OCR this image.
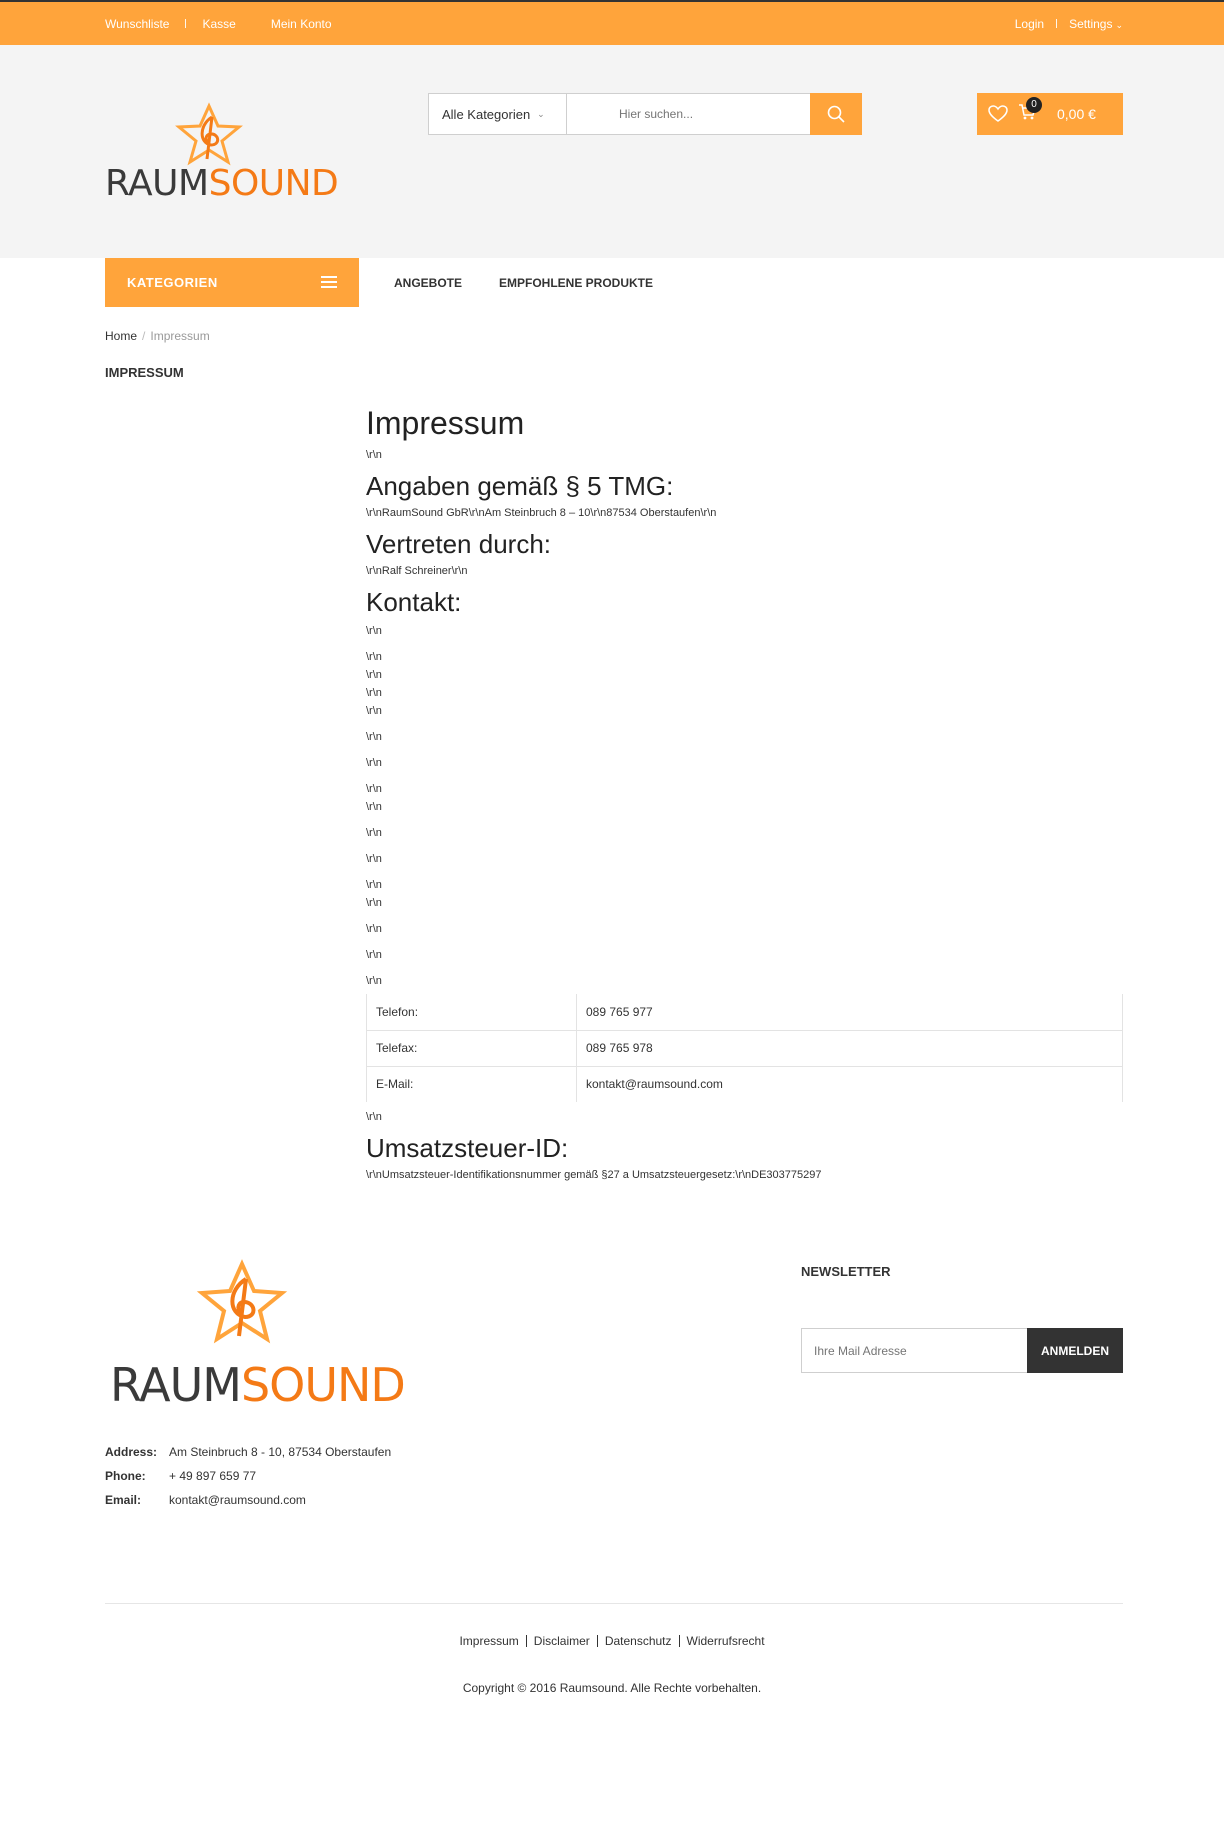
Wunschliste	Kasse	Mein Konto	Login Settings ⌄
RAUMSOUND
Alle Kategorien ⌄
Hier suchen...
0
0,00 €
KATEGORIEN	ANGEBOTE	EMPFOHLENE PRODUKTE
Home / Impressum
IMPRESSUM
Impressum
\r\n
Angaben gemäß § 5 TMG:
\r\nRaumSound GbR\r\nAm Steinbruch 8 – 10\r\n87534 Oberstaufen\r\n
Vertreten durch:
\r\nRalf Schreiner\r\n
Kontakt:
\r\n
\r\n
\r\n
\r\n
\r\n
\r\n
\r\n
\r\n
\r\n
\r\n
\r\n
\r\n
\r\n
\r\n
\r\n
\r\n
Telefon:	089 765 977
Telefax:	089 765 978
E-Mail:	kontakt@raumsound.com
\r\n
Umsatzsteuer-ID:
\r\nUmsatzsteuer-Identifikationsnummer gemäß §27 a Umsatzsteuergesetz:\r\nDE303775297
RAUMSOUND
Address: Am Steinbruch 8 - 10, 87534 Oberstaufen
Phone:	+ 49 897 659 77
Email:	kontakt@raumsound.com
NEWSLETTER
Ihre Mail Adresse
ANMELDEN
Impressum Disclaimer Datenschutz Widerrufsrecht
Copyright © 2016 Raumsound. Alle Rechte vorbehalten.
